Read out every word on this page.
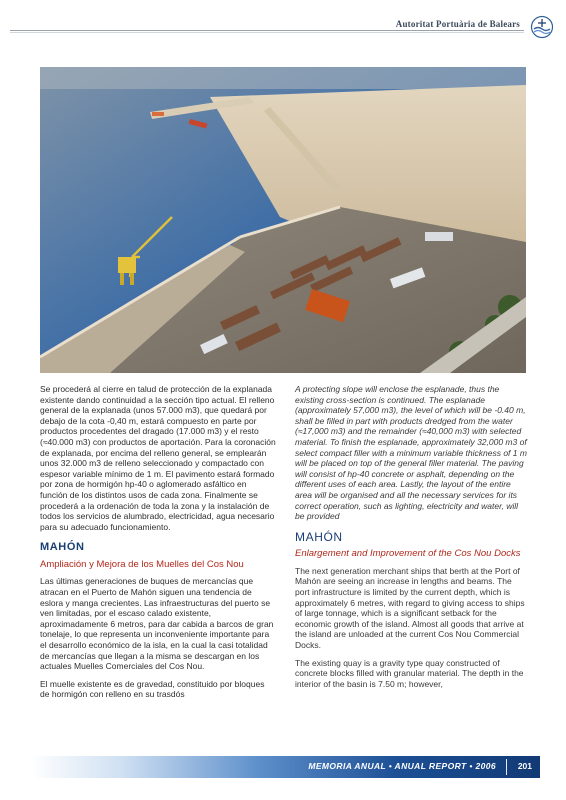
Autoritat Portuària de Balears

Se procederá al cierre en talud de protección de la explanada existente dando continuidad a la sección tipo actual. El relleno general de la explanada (unos 57.000 m3), que quedará por debajo de la cota -0,40 m, estará compuesto en parte por productos procedentes del dragado (17.000 m3) y el resto (≈40.000 m3) con productos de aportación. Para la coronación de explanada, por encima del relleno general, se emplearán unos 32.000 m3 de relleno seleccionado y compactado con espesor variable mínimo de 1 m. El pavimento estará formado por zona de hormigón hp-40 o aglomerado asfáltico en función de los distintos usos de cada zona. Finalmente se procederá a la ordenación de toda la zona y la instalación de todos los servicios de alumbrado, electricidad, agua necesario para su adecuado funcionamiento.

MAHÓN
Ampliación y Mejora de los Muelles del Cos Nou

Las últimas generaciones de buques de mercancías que atracan en el Puerto de Mahón siguen una tendencia de eslora y manga crecientes. Las infraestructuras del puerto se ven limitadas, por el escaso calado existente, aproximadamente 6 metros, para dar cabida a barcos de gran tonelaje, lo que representa un inconveniente importante para el desarrollo económico de la isla, en la cual la casi totalidad de mercancías que llegan a la misma se descargan en los actuales Muelles Comerciales del Cos Nou.

El muelle existente es de gravedad, constituido por bloques de hormigón con relleno en su trasdós

A protecting slope will enclose the esplanade, thus the existing cross-section is continued. The esplanade (approximately 57,000 m3), the level of which will be -0.40 m, shall be filled in part with products dredged from the water (≈17,000 m3) and the remainder (≈40,000 m3) with selected material. To finish the esplanade, approximately 32,000 m3 of select compact filler with a minimum variable thickness of 1 m will be placed on top of the general filler material. The paving will consist of hp-40 concrete or asphalt, depending on the different uses of each area. Lastly, the layout of the entire area will be organised and all the necessary services for its correct operation, such as lighting, electricity and water, will be provided

MAHÓN
Enlargement and Improvement of the Cos Nou Docks

The next generation merchant ships that berth at the Port of Mahón are seeing an increase in lengths and beams. The port infrastructure is limited by the current depth, which is approximately 6 metres, with regard to giving access to ships of large tonnage, which is a significant setback for the economic growth of the island. Almost all goods that arrive at the island are unloaded at the current Cos Nou Commercial Docks.

The existing quay is a gravity type quay constructed of concrete blocks filled with granular material. The depth in the interior of the basin is 7.50 m; however,

MEMORIA ANUAL • ANUAL REPORT • 2006	201
